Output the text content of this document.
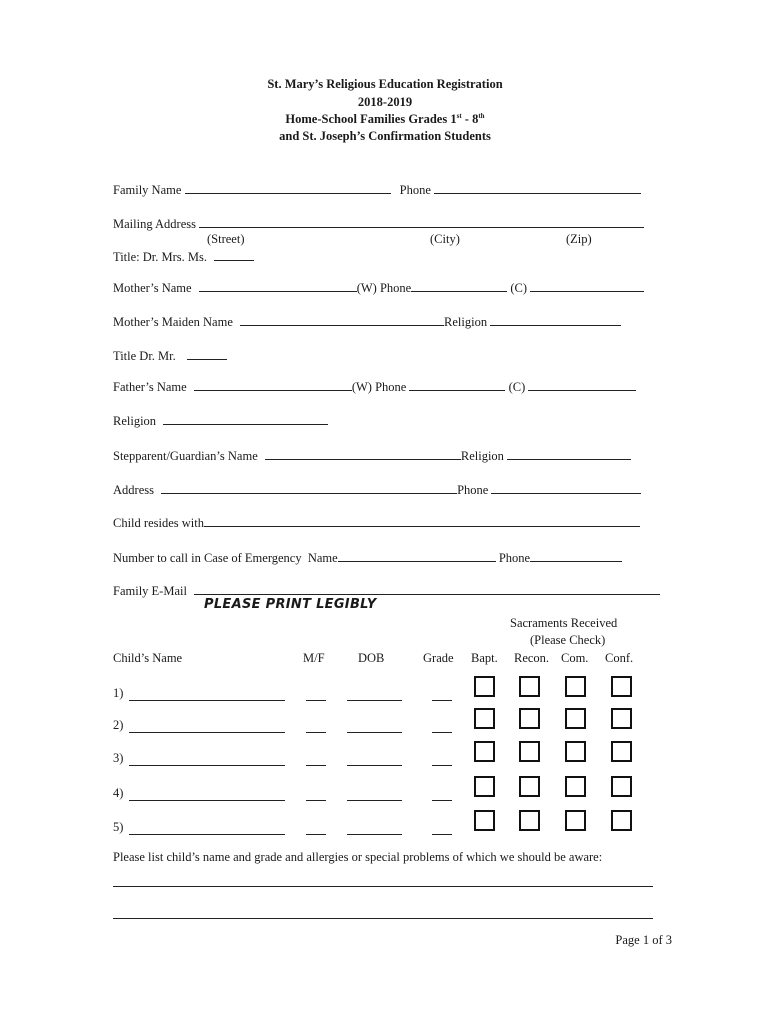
St. Mary’s Religious Education Registration
2018-2019
Home-School Families Grades 1st - 8th
and St. Joseph’s Confirmation Students
Family Name	Phone
Mailing Address
(Street)	(City)	(Zip)
Title: Dr. Mrs. Ms.
Mother’s Name	(W) Phone	(C)
Mother’s Maiden Name	Religion
Title Dr. Mr.
Father’s Name	(W) Phone	(C)
Religion
Stepparent/Guardian’s Name	Religion
Address	Phone
Child resides with
Number to call in Case of Emergency  Name	Phone
Family E-Mail
PLEASE PRINT LEGIBLY
Sacraments Received
(Please Check)
Child’s Name	M/F	DOB	Grade Bapt. Recon. Com. Conf.
1)
2)
3)
4)
5)
Please list child’s name and grade and allergies or special problems of which we should be aware:
Page 1 of 3
